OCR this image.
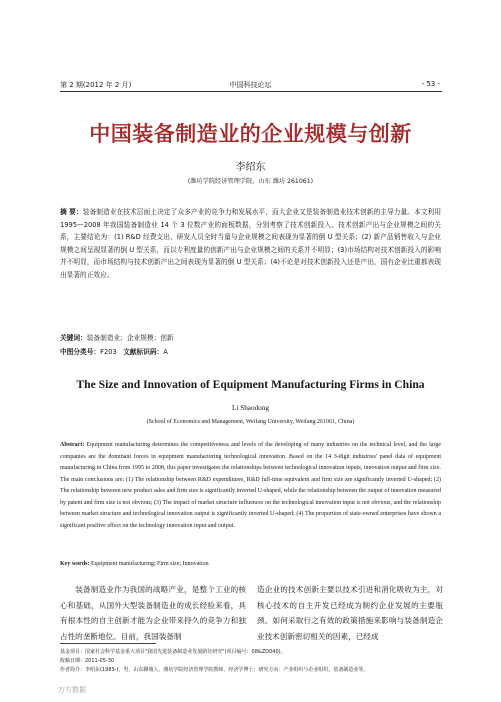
第 2 期(2012 年 2 月)	中国科技论坛	- 53 -
中国装备制造业的企业规模与创新
李绍东
(潍坊学院经济管理学院，山东 潍坊 261061)
摘 要：装备制造业在技术层面上决定了众多产业的竞争力和发展水平，而大企业又是装备制造业技术创新的主导力量。本文利用 1995—2008 年我国装备制造业 14 个 3 位数产业的面板数据，分别考察了技术创新投入、技术创新产出与企业规模之间的关系，主要结论为：(1) R&D 经费支出、研发人员全时当量与企业规模之间表现为显著的倒 U 型关系；(2) 新产品销售收入与企业规模之间呈现显著的倒 U 型关系，而以专利度量的创新产出与企业规模之间的关系并不明显；(3)市场结构对技术创新投入的影响并不明显，而市场结构与技术创新产出之间表现为显著的倒 U 型关系；(4)不论是对技术创新投入还是产出，国有企业比重都表现出显著的正效应。
关键词：装备制造业；企业规模；创新
中图分类号：F203 文献标识码：A
The Size and Innovation of Equipment Manufacturing Firms in China
Li Shaodong
(School of Economics and Management, Weifang University, Weifang 261061, China)
Abstract: Equipment manufacturing determines the competitiveness and levels of the developing of many industries on the technical level, and the large companies are the dominant forces in equipment manufacturing technological innovation. Based on the 14 3-digit industries' panel data of equipment manufacturing in China from 1995 to 2008, this paper investigates the relationships between technological innovation inputs, innovation output and firm size. The main conclusions are: (1) The relationship between R&D expenditures, R&D full-time equivalent and firm size are significantly inverted U-shaped; (2) The relationship between new product sales and firm size is significantly inverted U-shaped, while the relationship between the output of innovation measured by patent and firm size is not obvious; (3) The impact of market structure influences on the technological innovation input is not obvious, and the relationship between market structure and technological innovation output is significantly inverted U-shaped; (4) The proportion of state-owned enterprises have shown a significant positive effect on the technology innovation input and output.
Key words: Equipment manufacturing; Firm size; Innovation
装备制造业作为我国的战略产业，是整个工业的核心和基础，从国外大型装备制造业的成长经验来看，具有根本性的自主创新才能为企业带来持久的竞争力和独占性的垄断地位。目前，我国装备制
造企业的技术创新主要以技术引进和消化吸收为主，对核心技术的自主开发已经成为制约企业发展的主要瓶颈。如何采取行之有效的政策措施来影响与装备制造企业技术创新密切相关的因素，已经成
基金项目：国家社会科学基金重大项目"我国先进装备制造业发展路径研究"(项目编号：08&ZD040)。
收稿日期：2011-05-30
作者简介：李绍东(1983-)，男，山东聊城人，潍坊学院经济管理学院教师，经济学博士；研究方向：产业组织与企业组织、装备制造业等。
万方数据
